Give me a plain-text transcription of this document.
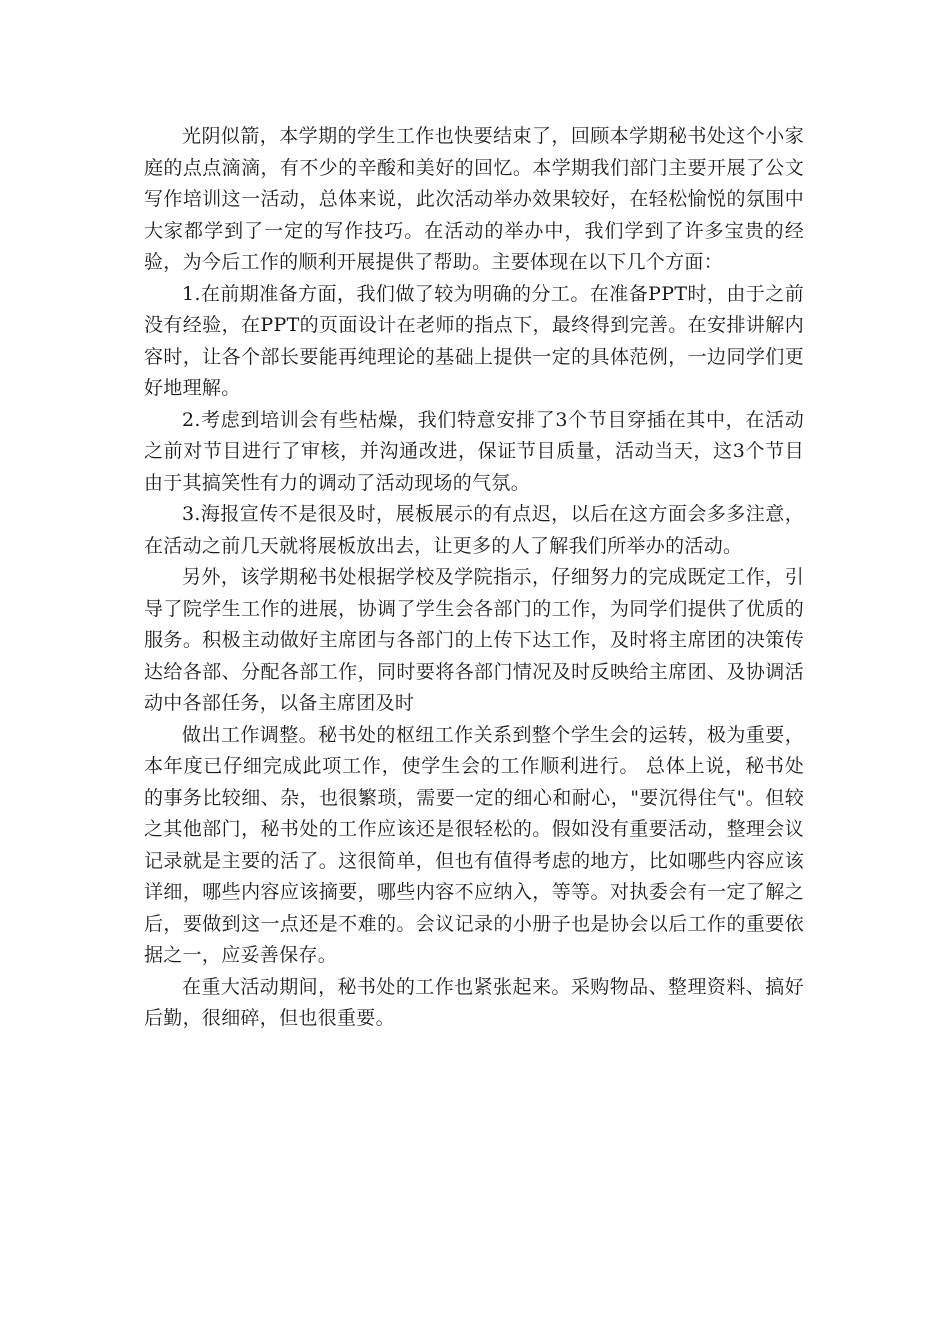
光阴似箭，本学期的学生工作也快要结束了，回顾本学期秘书处这个小家庭的点点滴滴，有不少的辛酸和美好的回忆。本学期我们部门主要开展了公文写作培训这一活动，总体来说，此次活动举办效果较好，在轻松愉悦的氛围中大家都学到了一定的写作技巧。在活动的举办中，我们学到了许多宝贵的经验，为今后工作的顺利开展提供了帮助。主要体现在以下几个方面：

1.在前期准备方面，我们做了较为明确的分工。在准备PPT时，由于之前没有经验，在PPT的页面设计在老师的指点下，最终得到完善。在安排讲解内容时，让各个部长要能再纯理论的基础上提供一定的具体范例，一边同学们更好地理解。

2.考虑到培训会有些枯燥，我们特意安排了3个节目穿插在其中，在活动之前对节目进行了审核，并沟通改进，保证节目质量，活动当天，这3个节目由于其搞笑性有力的调动了活动现场的气氛。

3.海报宣传不是很及时，展板展示的有点迟，以后在这方面会多多注意，在活动之前几天就将展板放出去，让更多的人了解我们所举办的活动。

另外，该学期秘书处根据学校及学院指示，仔细努力的完成既定工作，引导了院学生工作的进展，协调了学生会各部门的工作，为同学们提供了优质的服务。积极主动做好主席团与各部门的上传下达工作，及时将主席团的决策传达给各部、分配各部工作，同时要将各部门情况及时反映给主席团、及协调活动中各部任务，以备主席团及时

做出工作调整。秘书处的枢纽工作关系到整个学生会的运转，极为重要，本年度已仔细完成此项工作，使学生会的工作顺利进行。 总体上说，秘书处的事务比较细、杂，也很繁琐，需要一定的细心和耐心，"要沉得住气"。但较之其他部门，秘书处的工作应该还是很轻松的。假如没有重要活动，整理会议记录就是主要的活了。这很简单，但也有值得考虑的地方，比如哪些内容应该详细，哪些内容应该摘要，哪些内容不应纳入，等等。对执委会有一定了解之后，要做到这一点还是不难的。会议记录的小册子也是协会以后工作的重要依据之一，应妥善保存。

在重大活动期间，秘书处的工作也紧张起来。采购物品、整理资料、搞好后勤，很细碎，但也很重要。
